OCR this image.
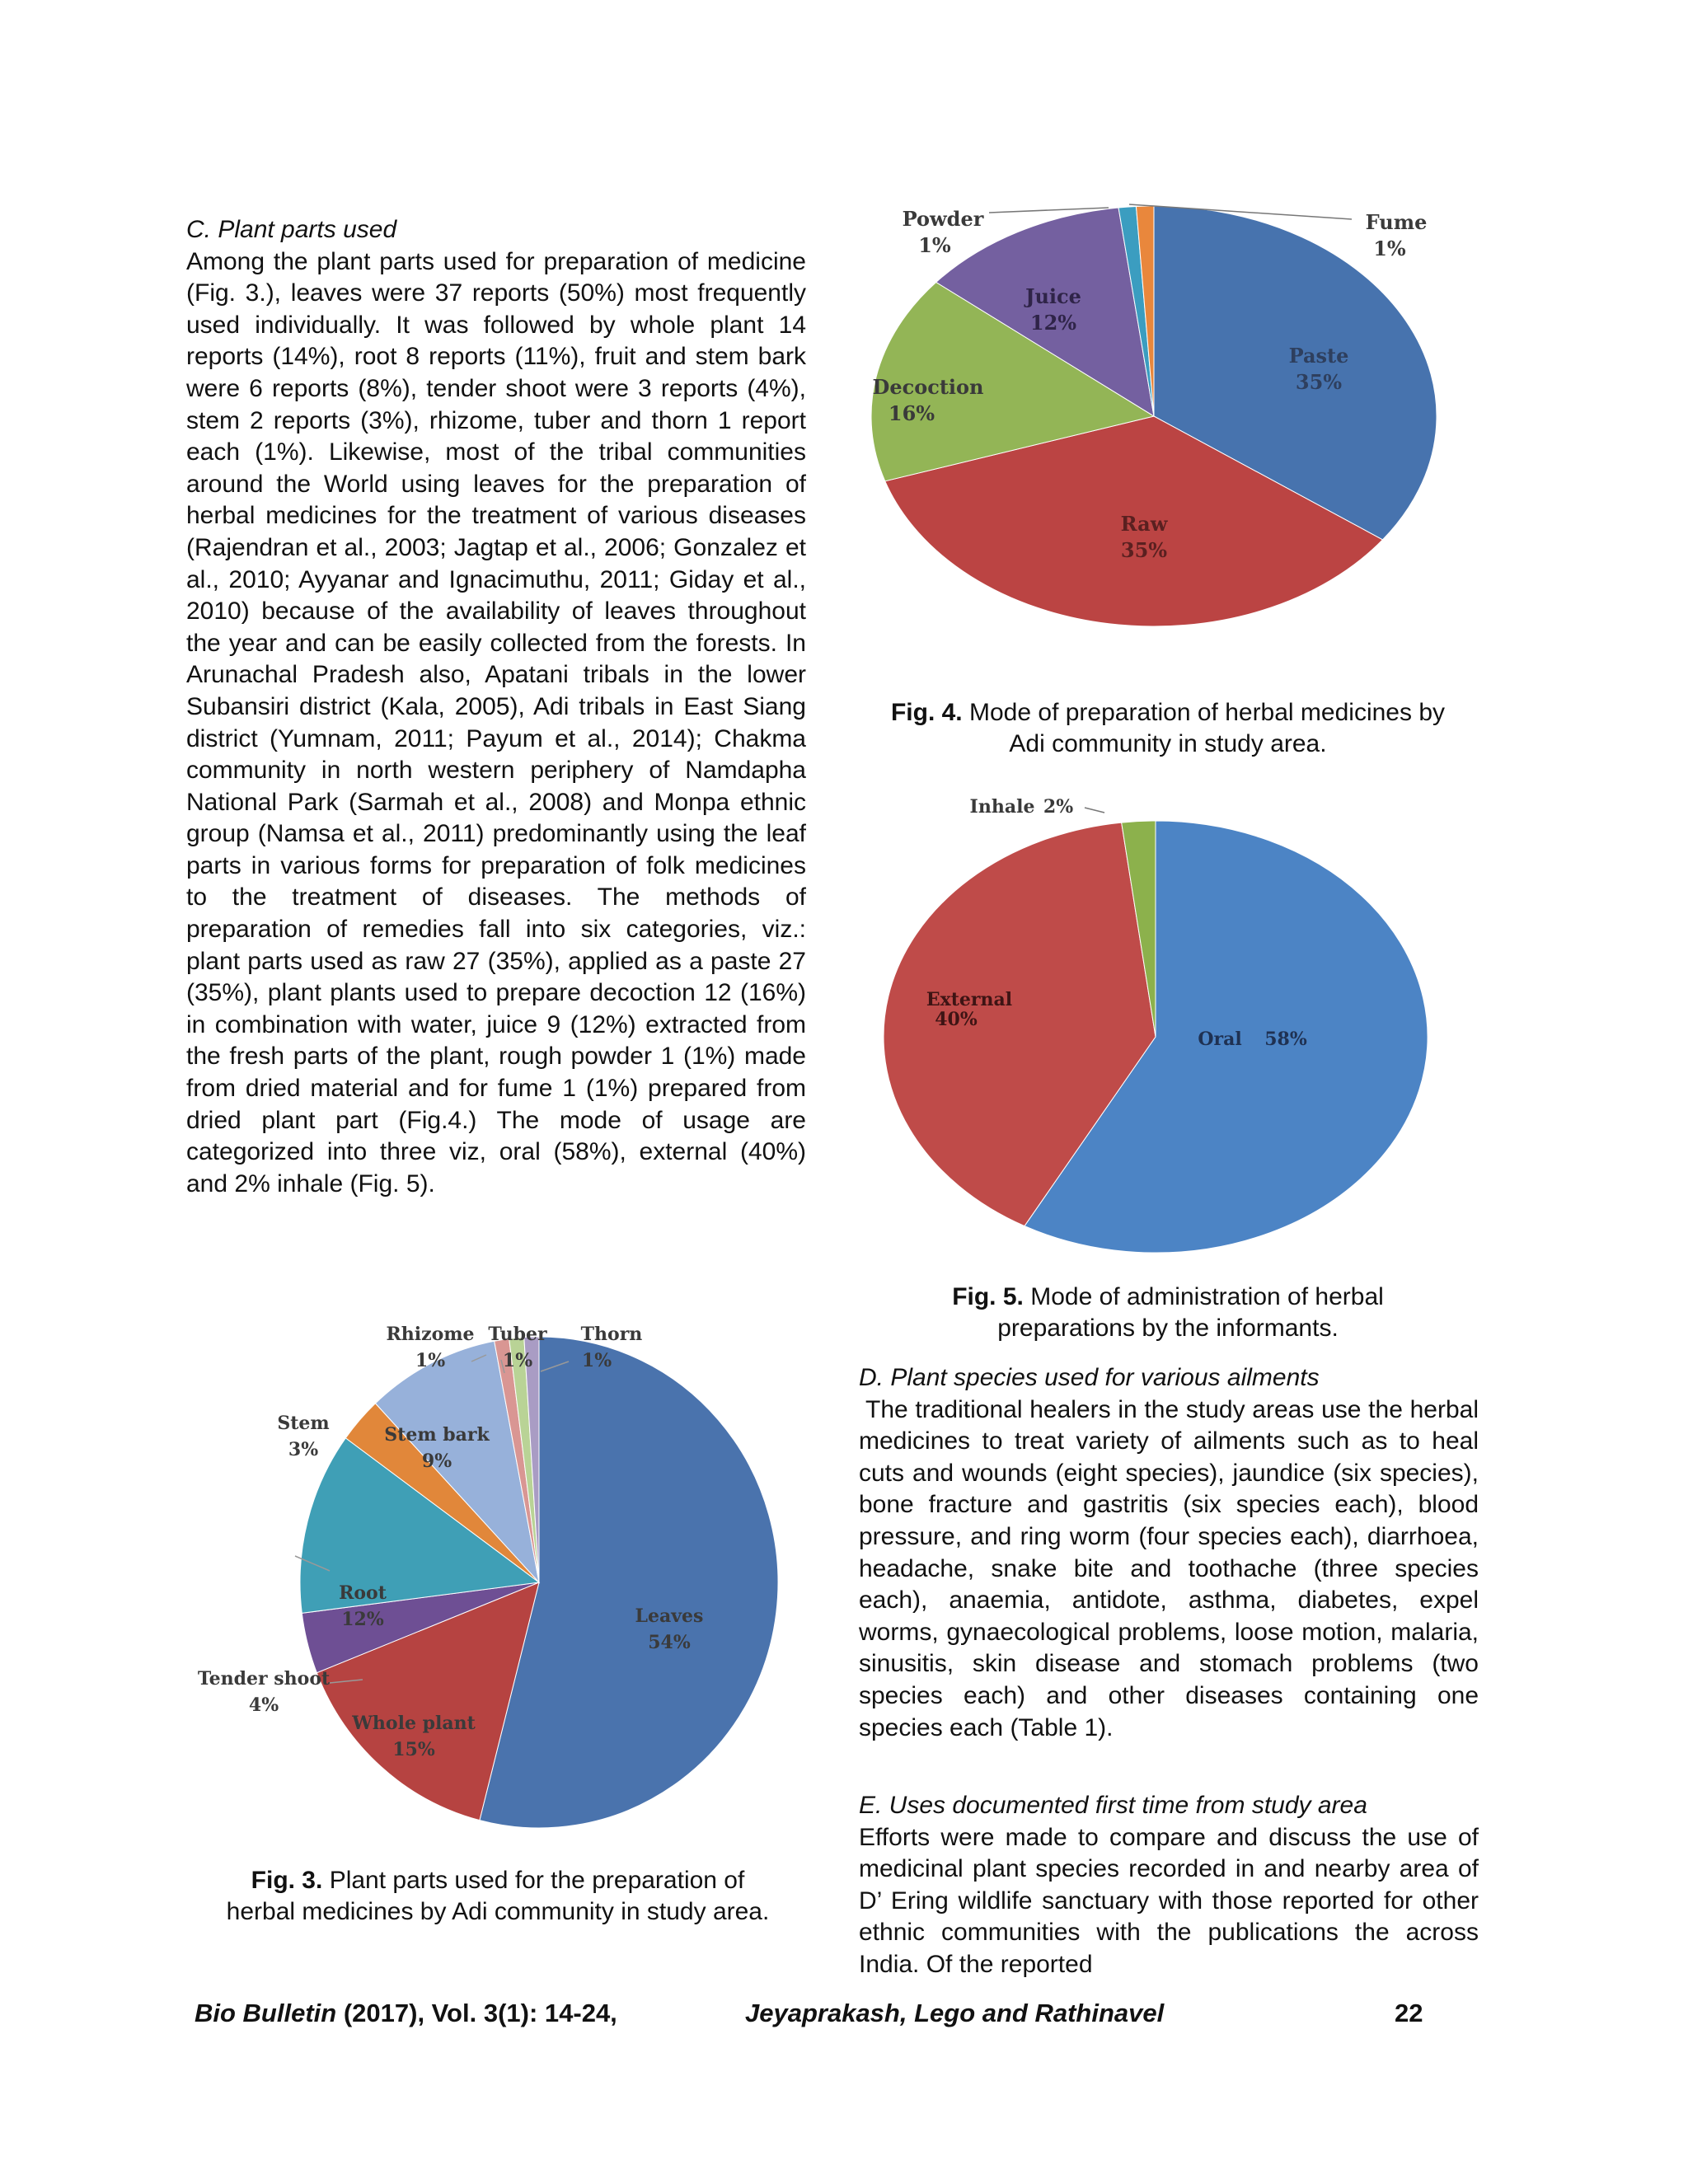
C. Plant parts used

Among the plant parts used for preparation of medicine (Fig. 3.), leaves were 37 reports (50%) most frequently used individually. It was followed by whole plant 14 reports (14%), root 8 reports (11%), fruit and stem bark were 6 reports (8%), tender shoot were 3 reports (4%), stem 2 reports (3%), rhizome, tuber and thorn 1 report each (1%). Likewise, most of the tribal communities around the World using leaves for the preparation of herbal medicines for the treatment of various diseases (Rajendran et al., 2003; Jagtap et al., 2006; Gonzalez et al., 2010; Ayyanar and Ignacimuthu, 2011; Giday et al., 2010) because of the availability of leaves throughout the year and can be easily collected from the forests. In Arunachal Pradesh also, Apatani tribals in the lower Subansiri district (Kala, 2005), Adi tribals in East Siang district (Yumnam, 2011; Payum et al., 2014); Chakma community in north western periphery of Namdapha National Park (Sarmah et al., 2008) and Monpa ethnic group (Namsa et al., 2011) predominantly using the leaf parts in various forms for preparation of folk medicines to the treatment of diseases. The methods of preparation of remedies fall into six categories, viz.: plant parts used as raw 27 (35%), applied as a paste 27 (35%), plant plants used to prepare decoction 12 (16%) in combination with water, juice 9 (12%) extracted from the fresh parts of the plant, rough powder 1 (1%) made from dried material and for fume 1 (1%) prepared from dried plant part (Fig.4.) The mode of usage are categorized into three viz, oral (58%), external (40%) and 2% inhale (Fig. 5).

Leaves
54%
Whole plant
15%
Tender shoot
4%
Root
12%
Stem
3%
Stem bark
9%
Rhizome
1%
Tuber
1%
Thorn
1%
Fig. 3. Plant parts used for the preparation of
herbal medicines by Adi community in study area.
Paste
35%
Raw
35%
Decoction
16%
Juice
12%
Powder
1%
Fume
1%
Fig. 4. Mode of preparation of herbal medicines by
Adi community in study area.
Oral 58%
External
40%
Inhale 2%
Fig. 5. Mode of administration of herbal
preparations by the informants.

D. Plant species used for various ailments

The traditional healers in the study areas use the herbal medicines to treat variety of ailments such as to heal cuts and wounds (eight species), jaundice (six species), bone fracture and gastritis (six species each), blood pressure, and ring worm (four species each), diarrhoea, headache, snake bite and toothache (three species each), anaemia, antidote, asthma, diabetes, expel worms, gynaecological problems, loose motion, malaria, sinusitis, skin disease and stomach problems (two species each) and other diseases containing one species each (Table 1).

E. Uses documented first time from study area

Efforts were made to compare and discuss the use of medicinal plant species recorded in and nearby area of D’ Ering wildlife sanctuary with those reported for other ethnic communities with the publications the across India. Of the reported

Bio Bulletin (2017), Vol. 3(1): 14-24,	Jeyaprakash, Lego and Rathinavel	22
